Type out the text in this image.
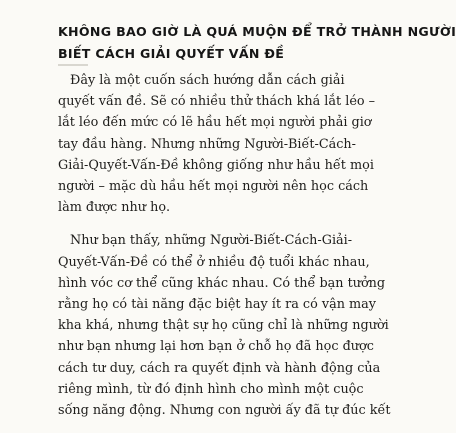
KHÔNG BAO GIỜ LÀ QUÁ MUỘN ĐỂ TRỞ THÀNH NGƯỜI
BIẾT CÁCH GIẢI QUYẾT VẤN ĐỀ

Đây là một cuốn sách hướng dẫn cách giải
quyết vấn đề. Sẽ có nhiều thử thách khá lắt léo –
lắt léo đến mức có lẽ hầu hết mọi người phải giơ
tay đầu hàng. Nhưng những Người-Biết-Cách-
Giải-Quyết-Vấn-Đề không giống như hầu hết mọi
người – mặc dù hầu hết mọi người nên học cách
làm được như họ.

Như bạn thấy, những Người-Biết-Cách-Giải-
Quyết-Vấn-Đề có thể ở nhiều độ tuổi khác nhau,
hình vóc cơ thể cũng khác nhau. Có thể bạn tưởng
rằng họ có tài năng đặc biệt hay ít ra có vận may
kha khá, nhưng thật sự họ cũng chỉ là những người
như bạn nhưng lại hơn bạn ở chỗ họ đã học được
cách tư duy, cách ra quyết định và hành động của
riêng mình, từ đó định hình cho mình một cuộc
sống năng động. Nhưng con người ấy đã tự đúc kết
